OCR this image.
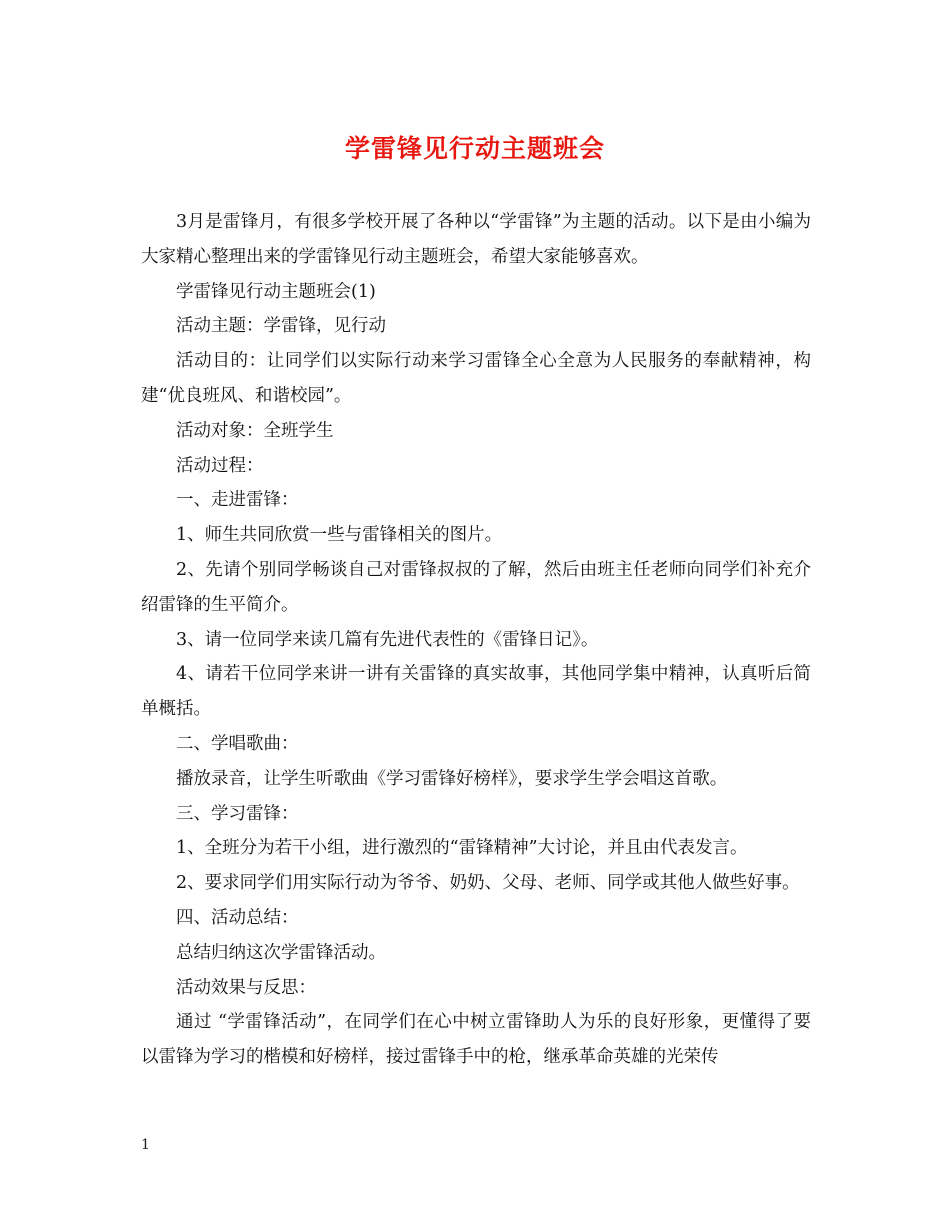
学雷锋见行动主题班会

3月是雷锋月，有很多学校开展了各种以“学雷锋”为主题的活动。以下是由小编为大家精心整理出来的学雷锋见行动主题班会，希望大家能够喜欢。

学雷锋见行动主题班会(1)

活动主题：学雷锋，见行动

活动目的：让同学们以实际行动来学习雷锋全心全意为人民服务的奉献精神，构建“优良班风、和谐校园”。

活动对象：全班学生

活动过程：

一、走进雷锋：

1、师生共同欣赏一些与雷锋相关的图片。

2、先请个别同学畅谈自己对雷锋叔叔的了解，然后由班主任老师向同学们补充介绍雷锋的生平简介。

3、请一位同学来读几篇有先进代表性的《雷锋日记》。

4、请若干位同学来讲一讲有关雷锋的真实故事，其他同学集中精神，认真听后简单概括。

二、学唱歌曲：

播放录音，让学生听歌曲《学习雷锋好榜样》，要求学生学会唱这首歌。

三、学习雷锋：

1、全班分为若干小组，进行激烈的“雷锋精神”大讨论，并且由代表发言。

2、要求同学们用实际行动为爷爷、奶奶、父母、老师、同学或其他人做些好事。

四、活动总结：

总结归纳这次学雷锋活动。

活动效果与反思：

通过 “学雷锋活动”，在同学们在心中树立雷锋助人为乐的良好形象，更懂得了要以雷锋为学习的楷模和好榜样，接过雷锋手中的枪，继承革命英雄的光荣传

1
